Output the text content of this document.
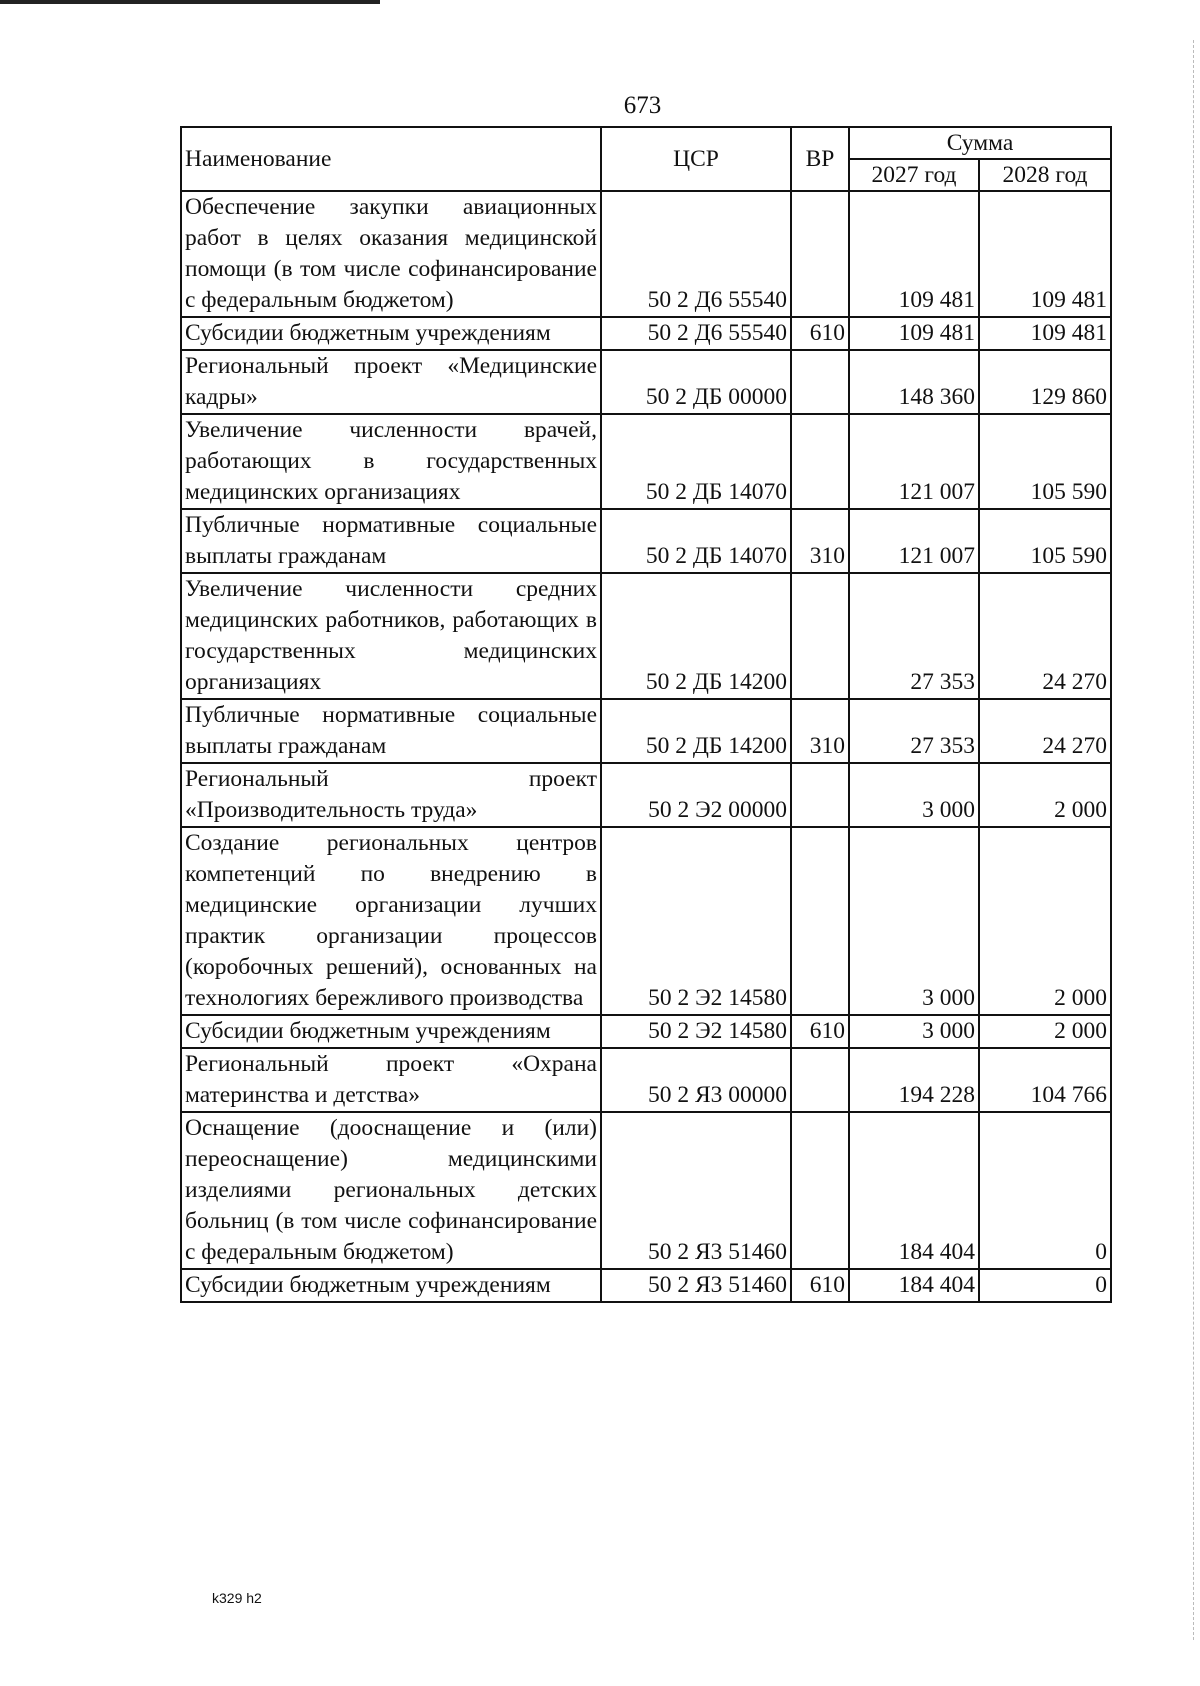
673
Наименование	ЦСР	ВР	Сумма	
			2027 год	2028 год
Обеспечение закупки авиационных работ в целях оказания медицинской помощи (в том числе софинансирование с федеральным бюджетом)	50 2 Д6 55540		109 481	109 481
Субсидии бюджетным учреждениям	50 2 Д6 55540	610	109 481	109 481
Региональный проект «Медицинские кадры»	50 2 ДБ 00000		148 360	129 860
Увеличение численности врачей, работающих в государственных медицинских организациях	50 2 ДБ 14070		121 007	105 590
Публичные нормативные социальные выплаты гражданам	50 2 ДБ 14070	310	121 007	105 590
Увеличение численности средних медицинских работников, работающих в государственных медицинских организациях	50 2 ДБ 14200		27 353	24 270
Публичные нормативные социальные выплаты гражданам	50 2 ДБ 14200	310	27 353	24 270
Региональный проект «Производительность труда»	50 2 Э2 00000		3 000	2 000
Создание региональных центров компетенций по внедрению в медицинские организации лучших практик организации процессов (коробочных решений), основанных на технологиях бережливого производства	50 2 Э2 14580		3 000	2 000
Субсидии бюджетным учреждениям	50 2 Э2 14580	610	3 000	2 000
Региональный проект «Охрана материнства и детства»	50 2 Я3 00000		194 228	104 766
Оснащение (дооснащение и (или) переоснащение) медицинскими изделиями региональных детских больниц (в том числе софинансирование с федеральным бюджетом)	50 2 Я3 51460		184 404	0
Субсидии бюджетным учреждениям	50 2 Я3 51460	610	184 404	0
k329 h2
